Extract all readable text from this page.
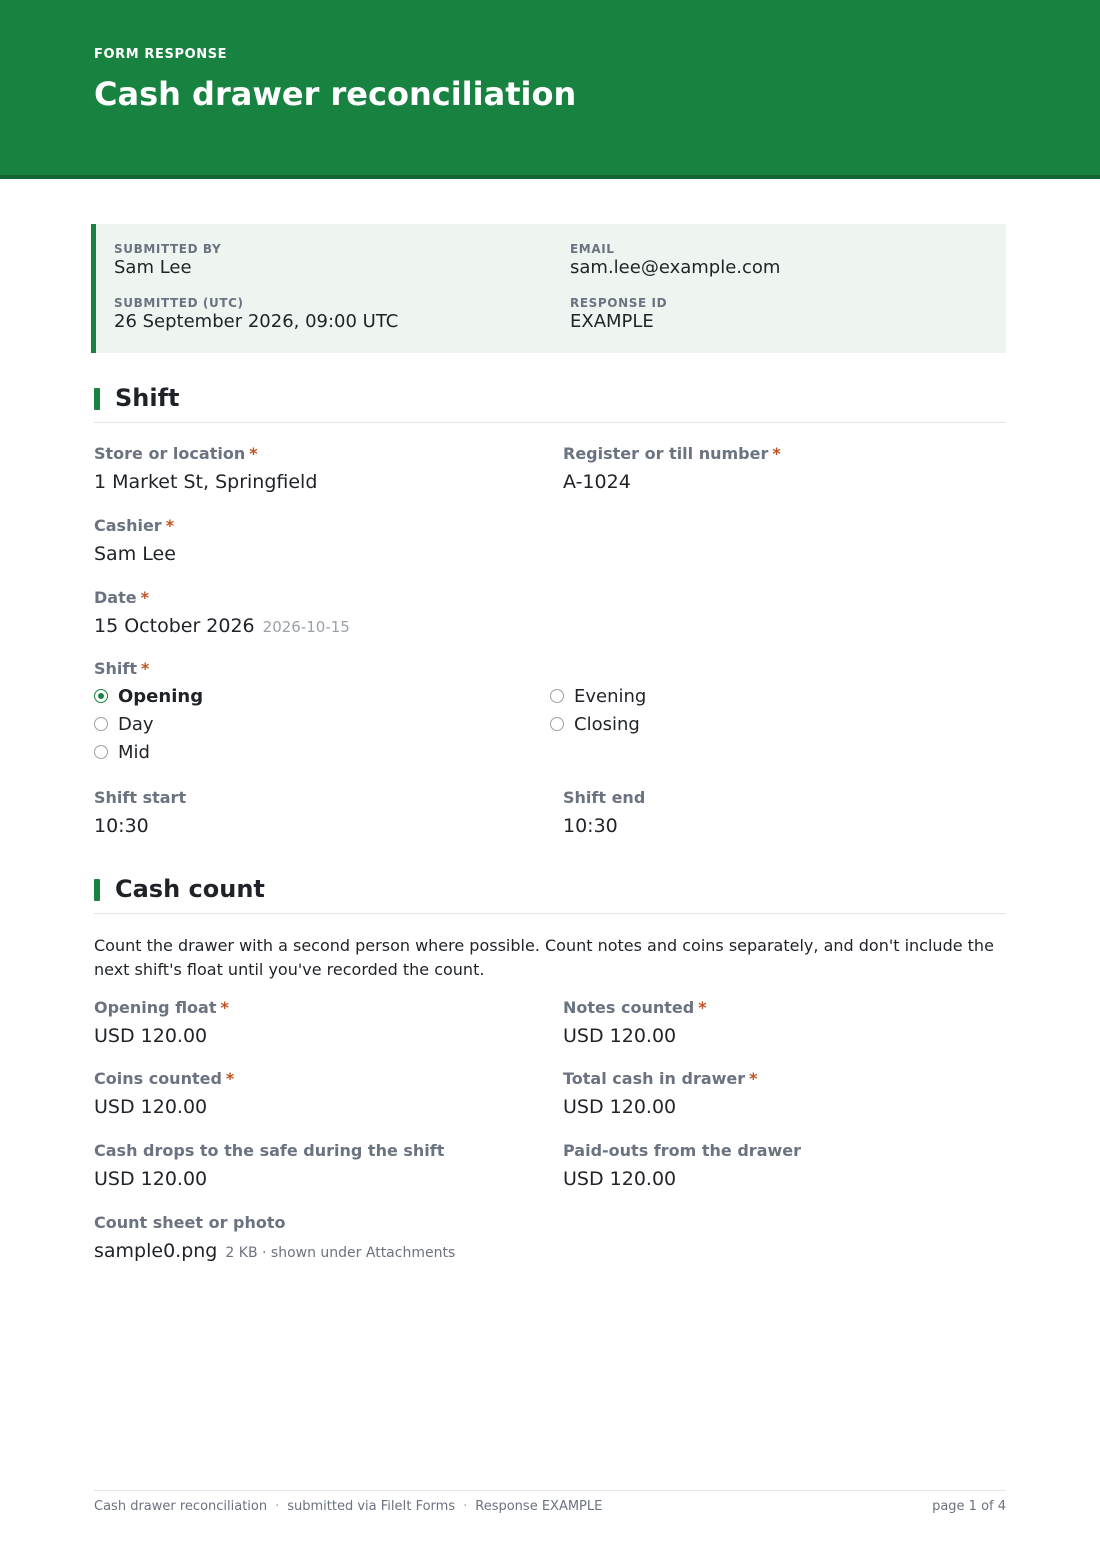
FORM RESPONSE
Cash drawer reconciliation
SUBMITTED BY
Sam Lee
EMAIL
sam.lee@example.com
SUBMITTED (UTC)
26 September 2026, 09:00 UTC
RESPONSE ID
EXAMPLE
Shift
Store or location *
1 Market St, Springfield
Register or till number *
A-1024
Cashier *
Sam Lee
Date *
15 October 2026 2026-10-15
Shift *
Opening
Day
Mid
Evening
Closing
Shift start
10:30
Shift end
10:30
Cash count
Count the drawer with a second person where possible. Count notes and coins separately, and don't include the next shift's float until you've recorded the count.
Opening float *
USD 120.00
Notes counted *
USD 120.00
Coins counted *
USD 120.00
Total cash in drawer *
USD 120.00
Cash drops to the safe during the shift
USD 120.00
Paid-outs from the drawer
USD 120.00
Count sheet or photo
sample0.png 2 KB · shown under Attachments
Cash drawer reconciliation · submitted via FileIt Forms · Response EXAMPLE	page 1 of 4
